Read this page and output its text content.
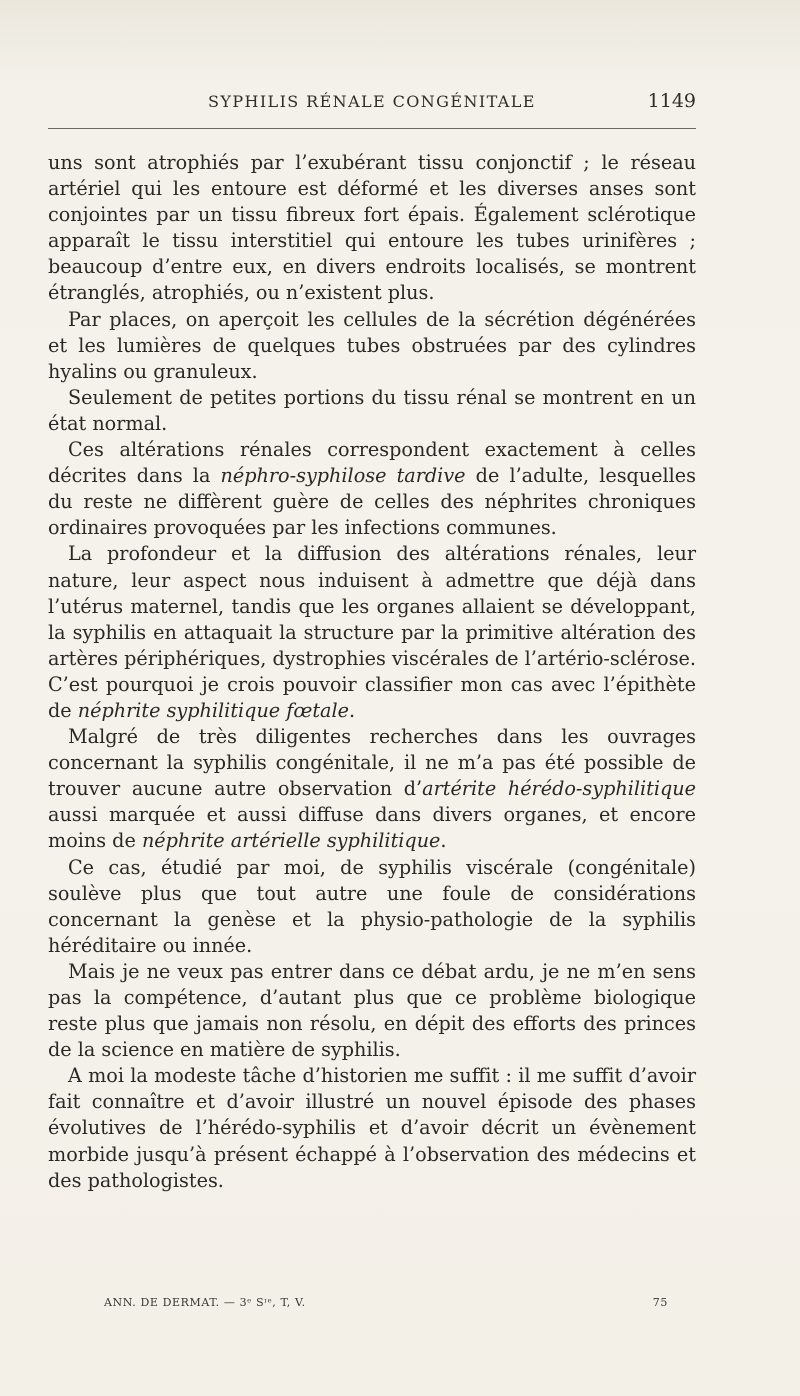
SYPHILIS RÉNALE CONGÉNITALE	1149

uns sont atrophiés par l’exubérant tissu conjonctif ; le réseau artériel qui les entoure est déformé et les diverses anses sont conjointes par un tissu fibreux fort épais. Également sclérotique apparaît le tissu interstitiel qui entoure les tubes urinifères ; beaucoup d’entre eux, en divers endroits localisés, se montrent étranglés, atrophiés, ou n’existent plus.

Par places, on aperçoit les cellules de la sécrétion dégénérées et les lumières de quelques tubes obstruées par des cylindres hyalins ou granuleux.

Seulement de petites portions du tissu rénal se montrent en un état normal.

Ces altérations rénales correspondent exactement à celles décrites dans la néphro-syphilose tardive de l’adulte, lesquelles du reste ne diffèrent guère de celles des néphrites chroniques ordinaires provoquées par les infections communes.

La profondeur et la diffusion des altérations rénales, leur nature, leur aspect nous induisent à admettre que déjà dans l’utérus maternel, tandis que les organes allaient se développant, la syphilis en attaquait la structure par la primitive altération des artères périphériques, dystrophies viscérales de l’artério-sclérose. C’est pourquoi je crois pouvoir classifier mon cas avec l’épithète de néphrite syphilitique fœtale.

Malgré de très diligentes recherches dans les ouvrages concernant la syphilis congénitale, il ne m’a pas été possible de trouver aucune autre observation d’artérite hérédo-syphilitique aussi marquée et aussi diffuse dans divers organes, et encore moins de néphrite artérielle syphilitique.

Ce cas, étudié par moi, de syphilis viscérale (congénitale) soulève plus que tout autre une foule de considérations concernant la genèse et la physio-pathologie de la syphilis héréditaire ou innée.

Mais je ne veux pas entrer dans ce débat ardu, je ne m’en sens pas la compétence, d’autant plus que ce problème biologique reste plus que jamais non résolu, en dépit des efforts des princes de la science en matière de syphilis.

A moi la modeste tâche d’historien me suffit : il me suffit d’avoir fait connaître et d’avoir illustré un nouvel épisode des phases évolutives de l’hérédo-syphilis et d’avoir décrit un évènement morbide jusqu’à présent échappé à l’observation des médecins et des pathologistes.

ANN. DE DERMAT. — 3ᵉ Sᶦᵉ, T, V.	75
